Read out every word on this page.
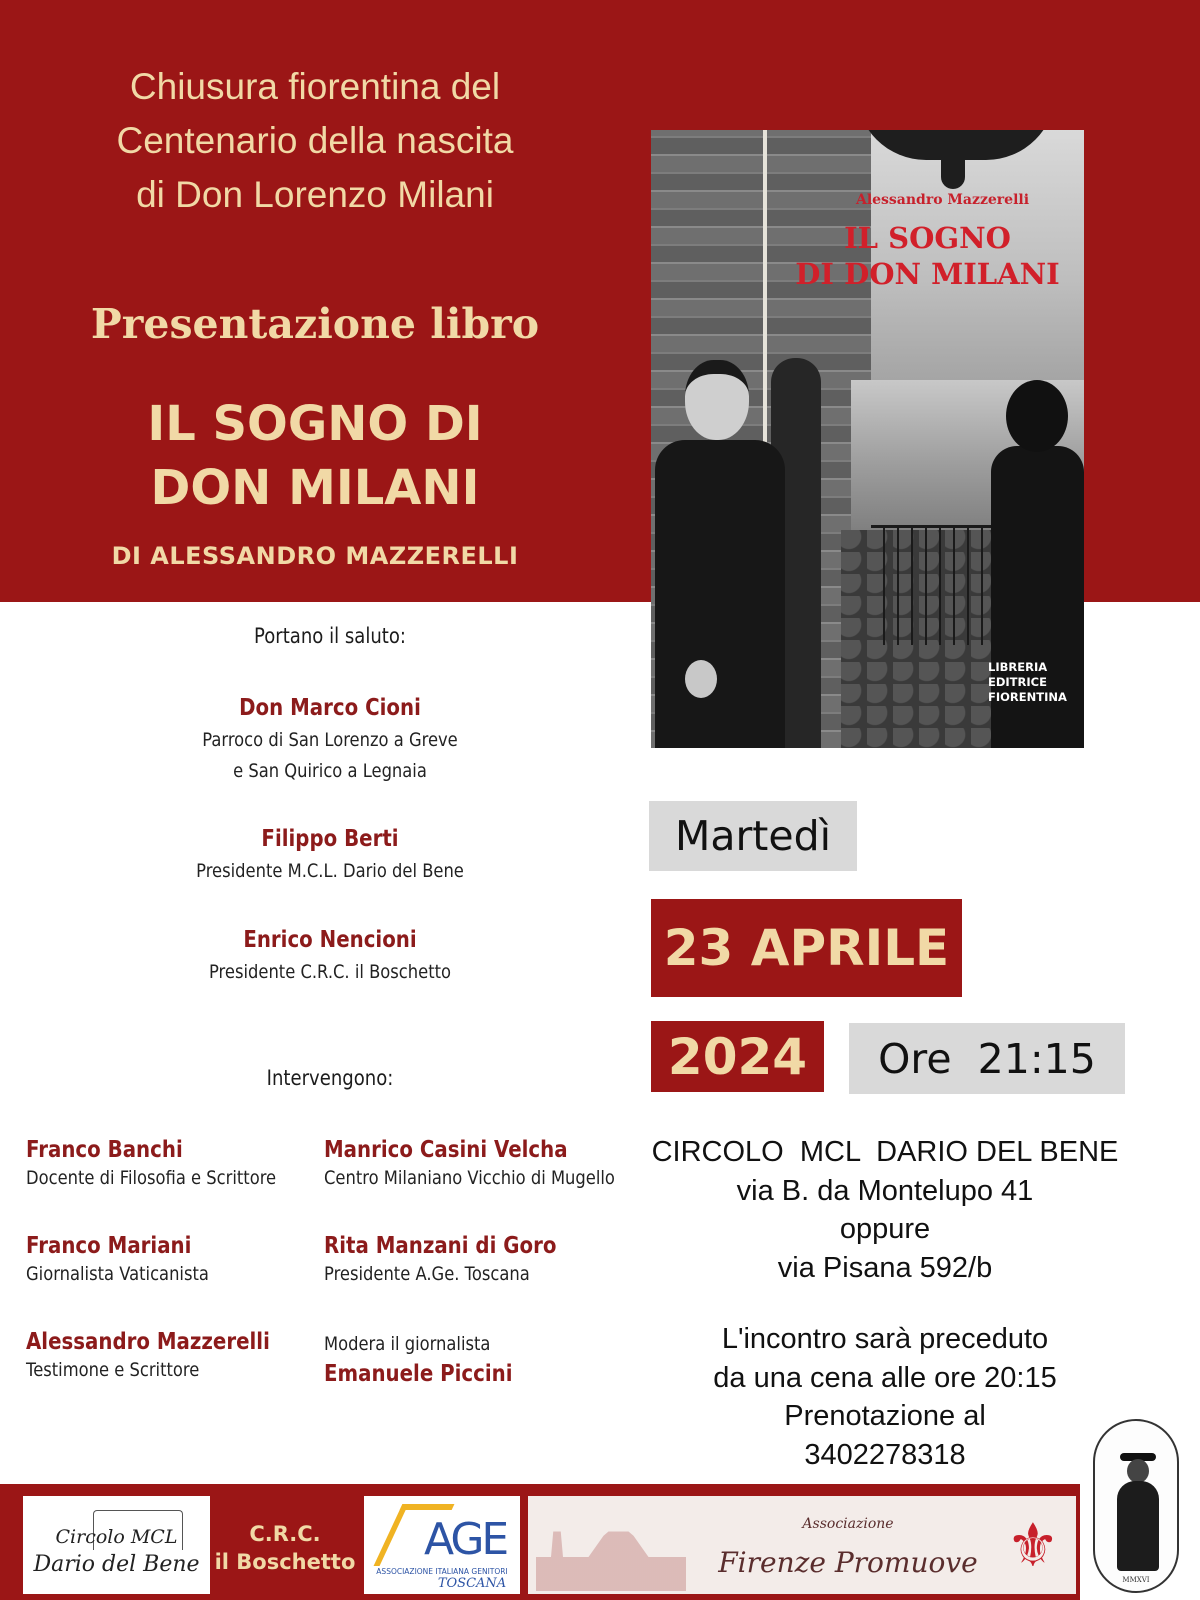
Chiusura fiorentina del
Centenario della nascita
di Don Lorenzo Milani
Presentazione libro
IL SOGNO DI
DON MILANI
DI ALESSANDRO MAZZERELLI
Alessandro Mazzerelli
IL SOGNO
DI DON MILANI
LIBRERIA
EDITRICE
FIORENTINA
Portano il saluto:
Don Marco Cioni
Parroco di San Lorenzo a Greve
e San Quirico a Legnaia
Filippo Berti
Presidente M.C.L. Dario del Bene
Enrico Nencioni
Presidente C.R.C. il Boschetto
Intervengono:
Franco Banchi
Docente di Filosofia e Scrittore
Franco Mariani
Giornalista Vaticanista
Alessandro Mazzerelli
Testimone e Scrittore
Manrico Casini Velcha
Centro Milaniano Vicchio di Mugello
Rita Manzani di Goro
Presidente A.Ge. Toscana
Modera il giornalista
Emanuele Piccini
Martedì
23 APRILE
2024	Ore  21:15
CIRCOLO  MCL  DARIO DEL BENE
via B. da Montelupo 41
oppure
via Pisana 592/b
L'incontro sarà preceduto
da una cena alle ore 20:15
Prenotazione al
3402278318
Circolo MCL
Dario del Bene
C.R.C.
il Boschetto AGE
ASSOCIAZIONE ITALIANA GENITORI
TOSCANA
Associazione
Firenze Promuove ⚜	MMXVI
